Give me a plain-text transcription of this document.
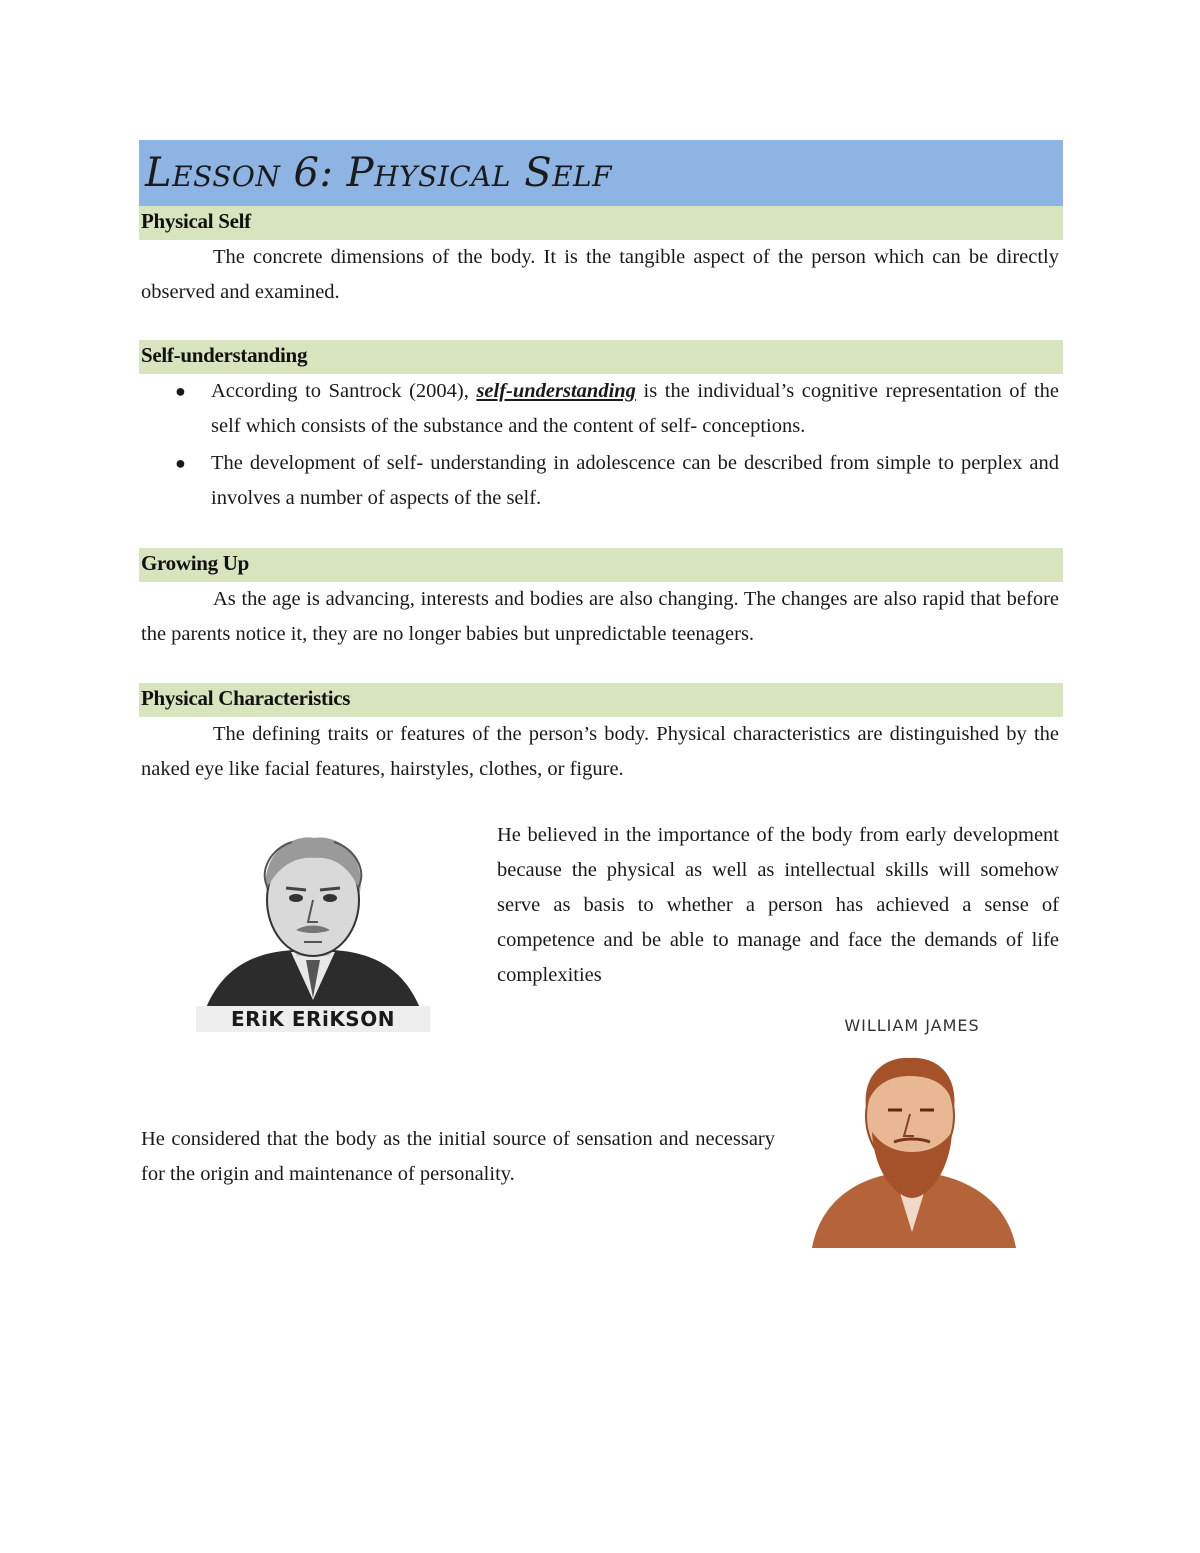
Lesson 6: Physical Self
Physical Self

The concrete dimensions of the body. It is the tangible aspect of the person which can be directly observed and examined.

Self-understanding
● According to Santrock (2004), self-understanding is the individual’s cognitive representation of the self which consists of the substance and the content of self- conceptions.
● The development of self- understanding in adolescence can be described from simple to perplex and involves a number of aspects of the self.
Growing Up

As the age is advancing, interests and bodies are also changing. The changes are also rapid that before the parents notice it, they are no longer babies but unpredictable teenagers.

Physical Characteristics

The defining traits or features of the person’s body. Physical characteristics are distinguished by the naked eye like facial features, hairstyles, clothes, or figure.

ERiK ERiKSON

He believed in the importance of the body from early development because the physical as well as intellectual skills will somehow serve as basis to whether a person has achieved a sense of competence and be able to manage and face the demands of life complexities

WILLIAM JAMES

He considered that the body as the initial source of sensation and necessary for the origin and maintenance of personality.
